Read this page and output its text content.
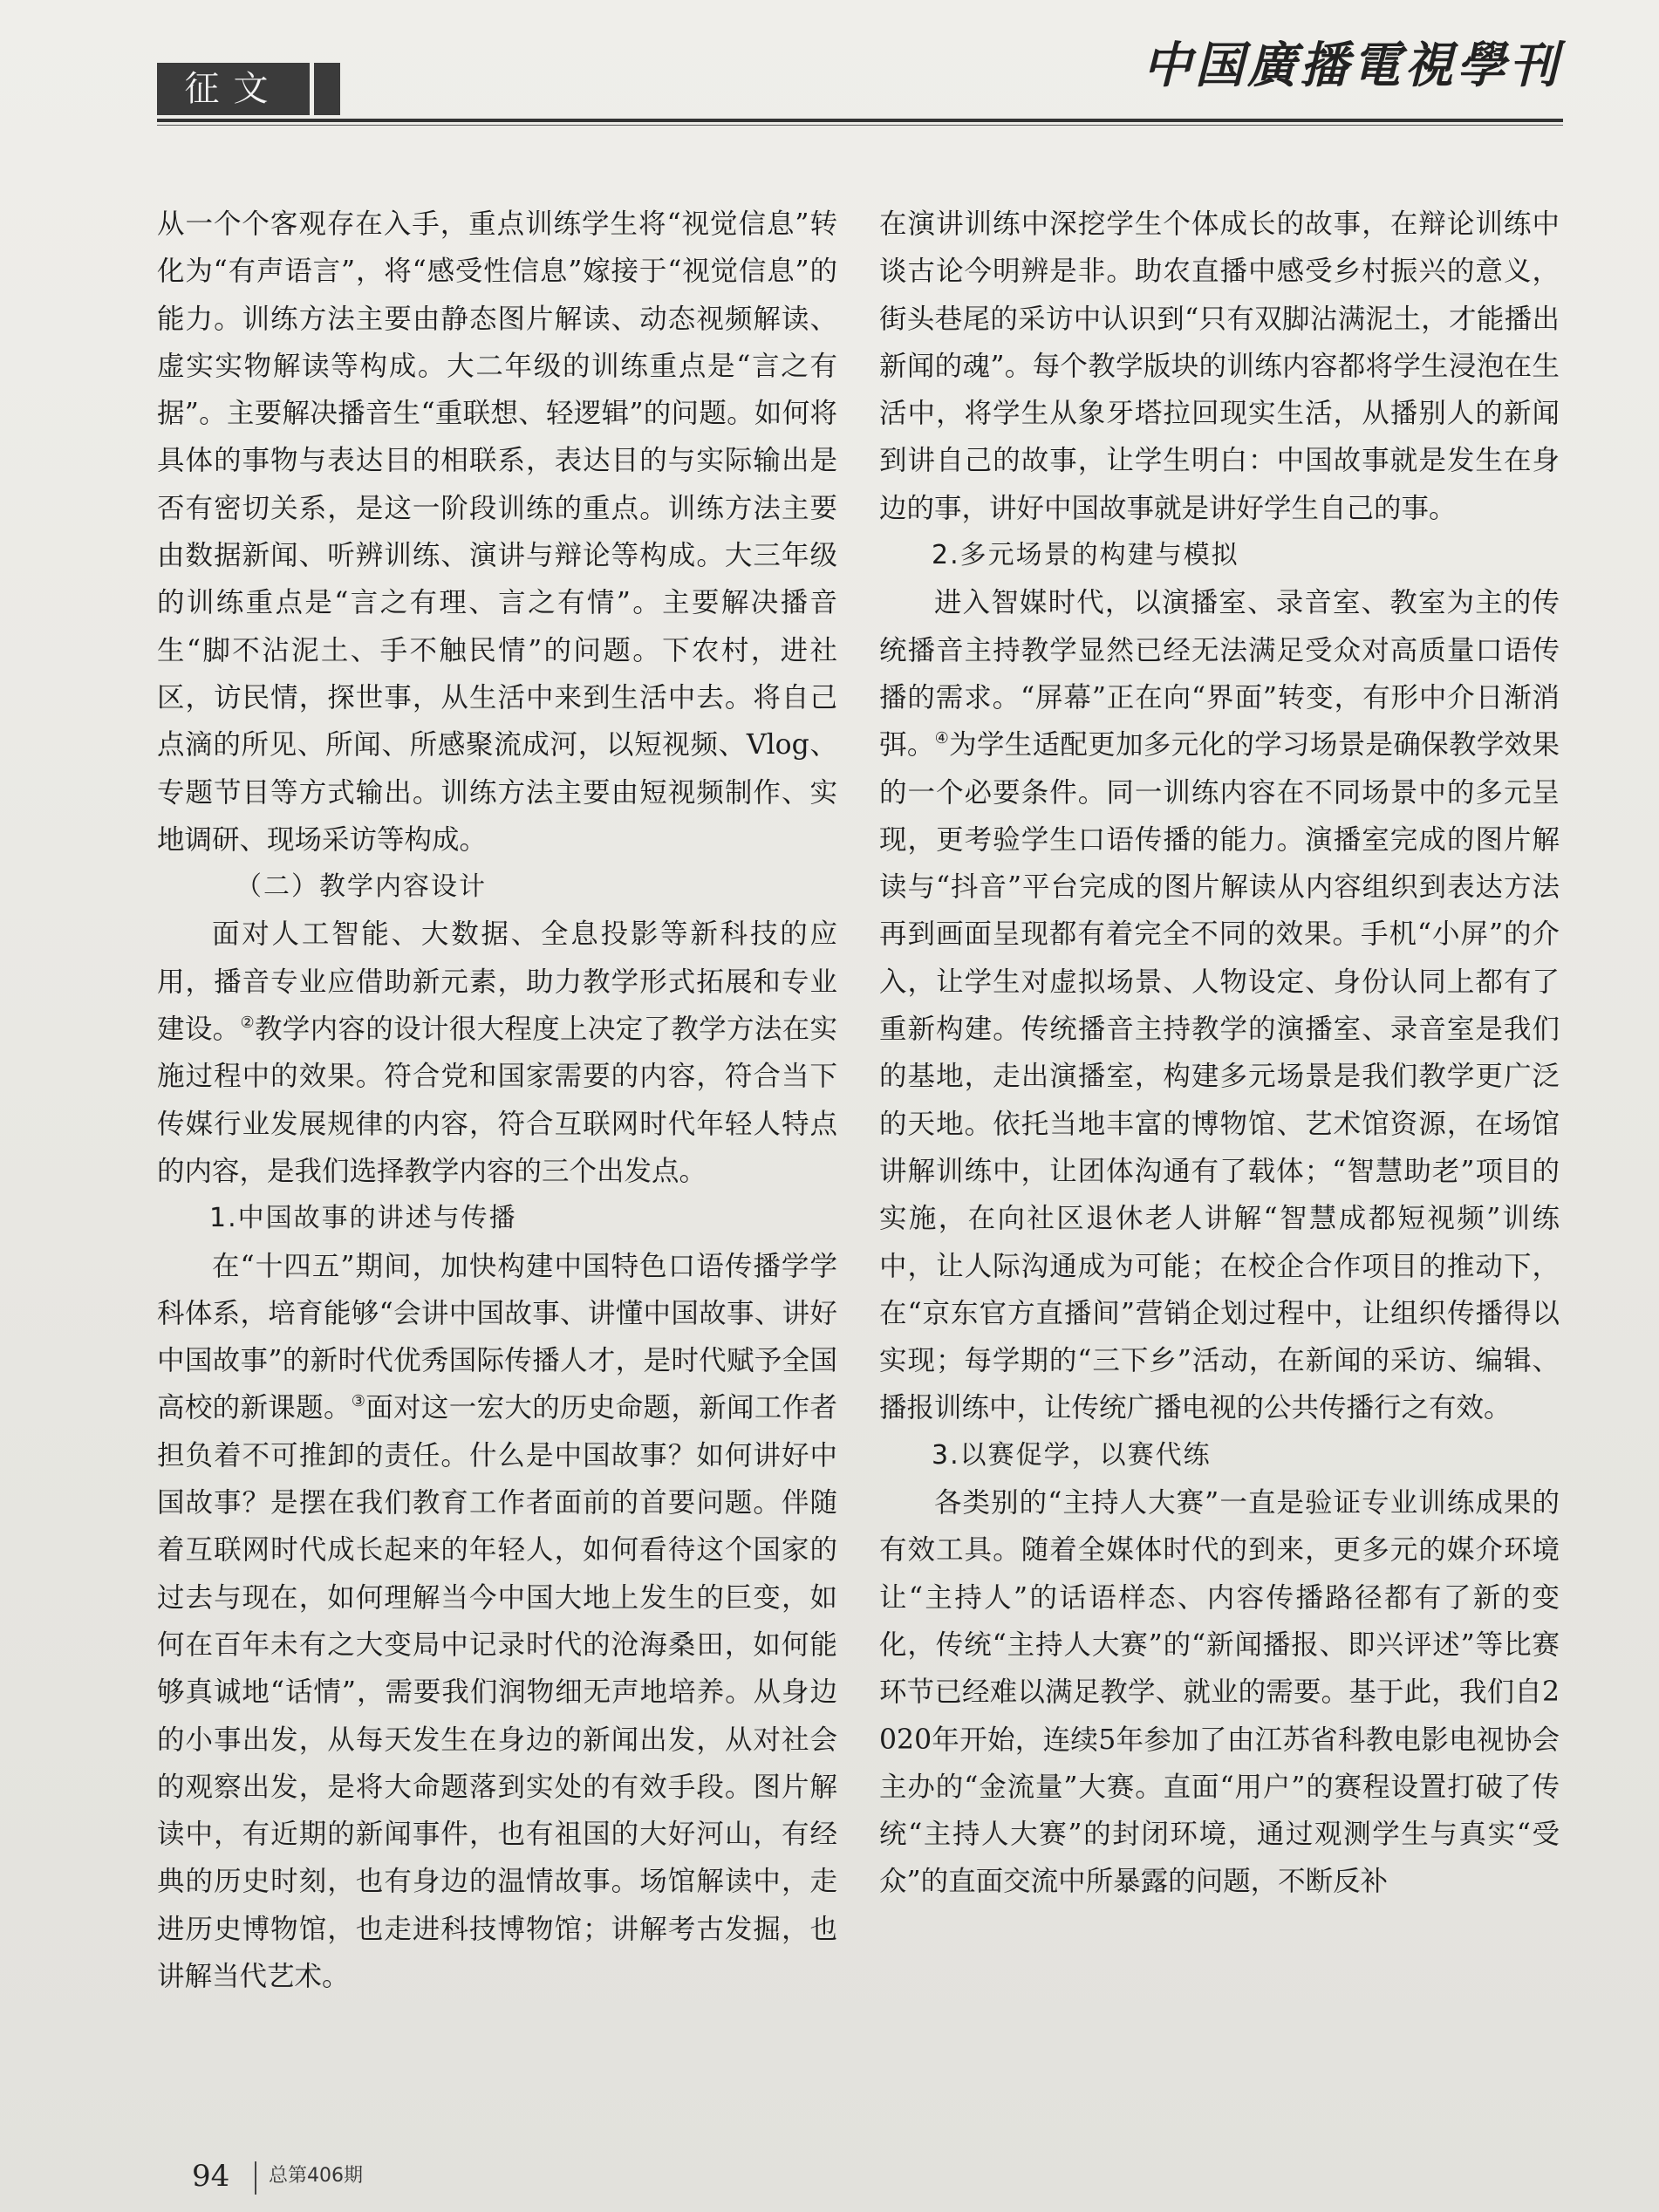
征文	中国廣播電視學刊

从一个个客观存在入手，重点训练学生将“视觉信息”转化为“有声语言”，将“感受性信息”嫁接于“视觉信息”的能力。训练方法主要由静态图片解读、动态视频解读、虚实实物解读等构成。大二年级的训练重点是“言之有据”。主要解决播音生“重联想、轻逻辑”的问题。如何将具体的事物与表达目的相联系，表达目的与实际输出是否有密切关系，是这一阶段训练的重点。训练方法主要由数据新闻、听辨训练、演讲与辩论等构成。大三年级的训练重点是“言之有理、言之有情”。主要解决播音生“脚不沾泥土、手不触民情”的问题。下农村，进社区，访民情，探世事，从生活中来到生活中去。将自己点滴的所见、所闻、所感聚流成河，以短视频、Vlog、专题节目等方式输出。训练方法主要由短视频制作、实地调研、现场采访等构成。

（二）教学内容设计

面对人工智能、大数据、全息投影等新科技的应用，播音专业应借助新元素，助力教学形式拓展和专业建设。②教学内容的设计很大程度上决定了教学方法在实施过程中的效果。符合党和国家需要的内容，符合当下传媒行业发展规律的内容，符合互联网时代年轻人特点的内容，是我们选择教学内容的三个出发点。

1.中国故事的讲述与传播

在“十四五”期间，加快构建中国特色口语传播学学科体系，培育能够“会讲中国故事、讲懂中国故事、讲好中国故事”的新时代优秀国际传播人才，是时代赋予全国高校的新课题。③面对这一宏大的历史命题，新闻工作者担负着不可推卸的责任。什么是中国故事？如何讲好中国故事？是摆在我们教育工作者面前的首要问题。伴随着互联网时代成长起来的年轻人，如何看待这个国家的过去与现在，如何理解当今中国大地上发生的巨变，如何在百年未有之大变局中记录时代的沧海桑田，如何能够真诚地“话情”，需要我们润物细无声地培养。从身边的小事出发，从每天发生在身边的新闻出发，从对社会的观察出发，是将大命题落到实处的有效手段。图片解读中，有近期的新闻事件，也有祖国的大好河山，有经典的历史时刻，也有身边的温情故事。场馆解读中，走进历史博物馆，也走进科技博物馆；讲解考古发掘，也讲解当代艺术。

在演讲训练中深挖学生个体成长的故事，在辩论训练中谈古论今明辨是非。助农直播中感受乡村振兴的意义，街头巷尾的采访中认识到“只有双脚沾满泥土，才能播出新闻的魂”。每个教学版块的训练内容都将学生浸泡在生活中，将学生从象牙塔拉回现实生活，从播别人的新闻到讲自己的故事，让学生明白：中国故事就是发生在身边的事，讲好中国故事就是讲好学生自己的事。

2.多元场景的构建与模拟

进入智媒时代，以演播室、录音室、教室为主的传统播音主持教学显然已经无法满足受众对高质量口语传播的需求。“屏幕”正在向“界面”转变，有形中介日渐消弭。④为学生适配更加多元化的学习场景是确保教学效果的一个必要条件。同一训练内容在不同场景中的多元呈现，更考验学生口语传播的能力。演播室完成的图片解读与“抖音”平台完成的图片解读从内容组织到表达方法再到画面呈现都有着完全不同的效果。手机“小屏”的介入，让学生对虚拟场景、人物设定、身份认同上都有了重新构建。传统播音主持教学的演播室、录音室是我们的基地，走出演播室，构建多元场景是我们教学更广泛的天地。依托当地丰富的博物馆、艺术馆资源，在场馆讲解训练中，让团体沟通有了载体；“智慧助老”项目的实施，在向社区退休老人讲解“智慧成都短视频”训练中，让人际沟通成为可能；在校企合作项目的推动下，在“京东官方直播间”营销企划过程中，让组织传播得以实现；每学期的“三下乡”活动，在新闻的采访、编辑、播报训练中，让传统广播电视的公共传播行之有效。

3.以赛促学，以赛代练

各类别的“主持人大赛”一直是验证专业训练成果的有效工具。随着全媒体时代的到来，更多元的媒介环境让“主持人”的话语样态、内容传播路径都有了新的变化，传统“主持人大赛”的“新闻播报、即兴评述”等比赛环节已经难以满足教学、就业的需要。基于此，我们自2020年开始，连续5年参加了由江苏省科教电影电视协会主办的“金流量”大赛。直面“用户”的赛程设置打破了传统“主持人大赛”的封闭环境，通过观测学生与真实“受众”的直面交流中所暴露的问题，不断反补

94 总第406期
